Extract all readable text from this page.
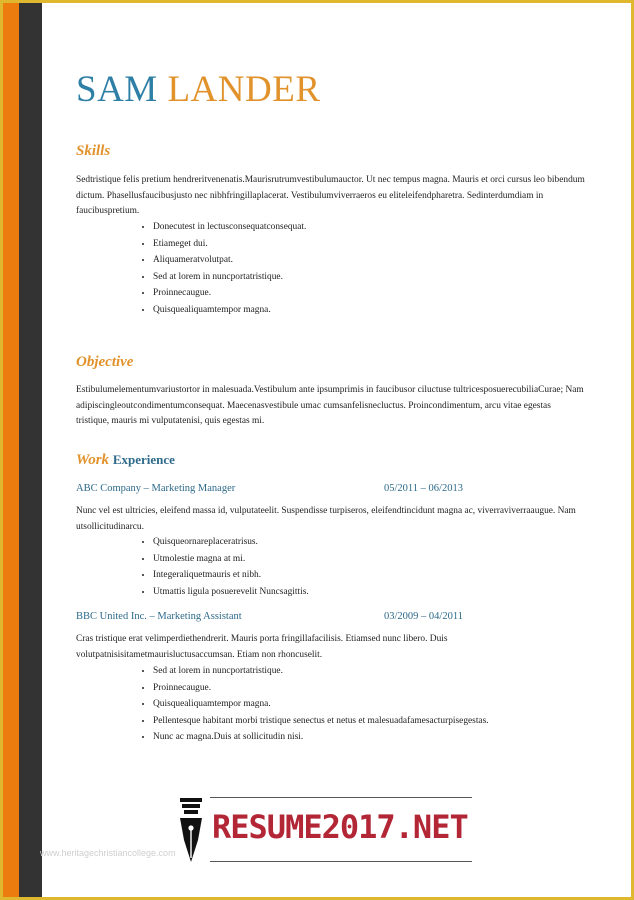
SAM LANDER
Skills
Sedtristique felis pretium hendreritvenenatis.Maurisrutrumvestibulumauctor. Ut nec tempus magna. Mauris et orci cursus leo bibendum dictum. Phasellusfaucibusjusto nec nibhfringillaplacerat. Vestibulumviverraeros eu eliteleifendpharetra. Sedinterdumdiam in faucibuspretium.
• Donecutest in lectusconsequatconsequat.
• Etiameget dui.
• Aliquameratvolutpat.
• Sed at lorem in nuncportatristique.
• Proinnecaugue.
• Quisquealiquamtempor magna.
Objective
Estibulumelementumvariustortor in malesuada.Vestibulum ante ipsumprimis in faucibusor ciluctuse tultricesposuerecubiliaCurae; Nam adipiscingleoutcondimentumconsequat. Maecenasvestibule umac cumsanfelisnecluctus. Proincondimentum, arcu vitae egestas tristique, mauris mi vulputatenisi, quis egestas mi.
Work Experience
ABC Company – Marketing Manager	05/2011 – 06/2013
Nunc vel est ultricies, eleifend massa id, vulputateelit. Suspendisse turpiseros, eleifendtincidunt magna ac, viverraviverraaugue. Nam utsollicitudinarcu.
• Quisqueornareplaceratrisus.
• Utmolestie magna at mi.
• Integeraliquetmauris et nibh.
• Utmattis ligula posuerevelit Nuncsagittis.
BBC United Inc. – Marketing Assistant	03/2009 – 04/2011
Cras tristique erat velimperdiethendrerit. Mauris porta fringillafacilisis. Etiamsed nunc libero. Duis volutpatnisisitametmaurisluctusaccumsan. Etiam non rhoncuselit.
• Sed at lorem in nuncportatristique.
• Proinnecaugue.
• Quisquealiquamtempor magna.
• Pellentesque habitant morbi tristique senectus et netus et malesuadafamesacturpisegestas.
• Nunc ac magna.Duis at sollicitudin nisi.
RESUME2017.NET
www.heritagechristiancollege.com
